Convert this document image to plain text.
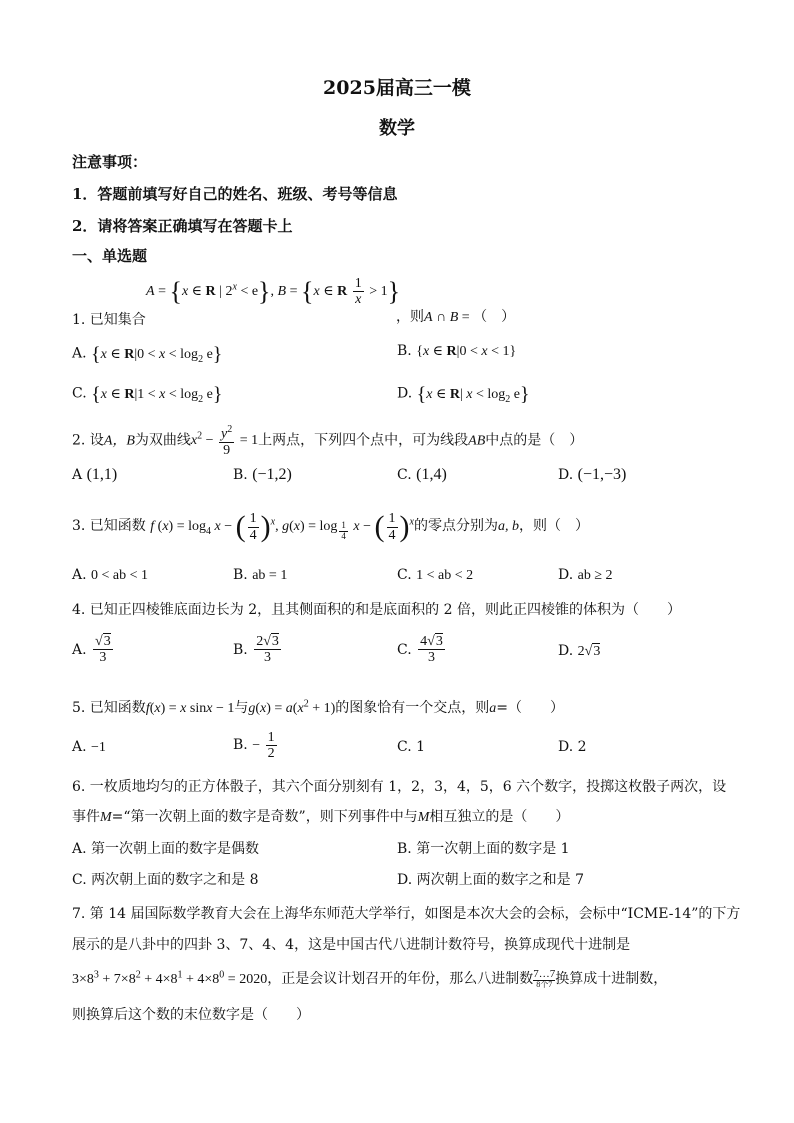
2025届高三一模
数学
注意事项：
1．答题前填写好自己的姓名、班级、考号等信息
2．请将答案正确填写在答题卡上
一、单选题
A = {x ∈ R | $2^x < e$}, B = {x ∈ R $\frac{1}{x} > 1$}
1. 已知集合	，则A ∩ B = （　）
A. {x ∈ $R|0 < x < \log_2 e$}	B. {x ∈ R|0 < x < 1}
C. {x ∈ $R|1 < x < \log_2 e$}	D. {x ∈ R| $x < \log_2 e$}
2. 设A，B为双曲线$x^2 - \frac{y^2}{9} = 1$上两点，下列四个点中，可为线段AB中点的是（　）
A (1,1)	B. (−1,2)	C. (1,4)	D. (−1,−3)
3. 已知函数 f $(x) = \log_4 x$ − ( $\frac{1}{4} )^x$, g(x) = log $_{\frac{1}{4}}$ x − ( $\frac{1}{4} )^x$的零点分别为a, b，则（　）
A. 0 < ab < 1	B. ab = 1	C. 1 < ab < 2	D. ab ≥ 2
4. 已知正四棱锥底面边长为 2，且其侧面积的和是底面积的 2 倍，则此正四棱锥的体积为（　　）
A. $\frac{√3}{3}$	B. $\frac{2√3}{3}$	C. $\frac{4√3}{3}$	D. 2√3
5. 已知函数f(x) = x sinx − 1与$g(x) = a(x^2 + 1)$的图象恰有一个交点，则a=（　　）
A. −1	B. − $\frac{1}{2}$	C. 1	D. 2
6. 一枚质地均匀的正方体骰子，其六个面分别刻有 1，2，3，4，5，6 六个数字，投掷这枚骰子两次，设
事件M=“第一次朝上面的数字是奇数”，则下列事件中与M相互独立的是（　　）
A. 第一次朝上面的数字是偶数	B. 第一次朝上面的数字是 1
C. 两次朝上面的数字之和是 8	D. 两次朝上面的数字之和是 7
7. 第 14 届国际数学教育大会在上海华东师范大学举行，如图是本次大会的会标，会标中“ICME-14”的下方
展示的是八卦中的四卦 3、7、4、4，这是中国古代八进制计数符号，换算成现代十进制是
$3\times 8^3 + 7\times 8^2 + 4\times 8^1 + 4\times 8^0 = 2020$，正是会议计划召开的年份，那么八进制数 7…7
8个7 换算成十进制数，
则换算后这个数的末位数字是（　　）
